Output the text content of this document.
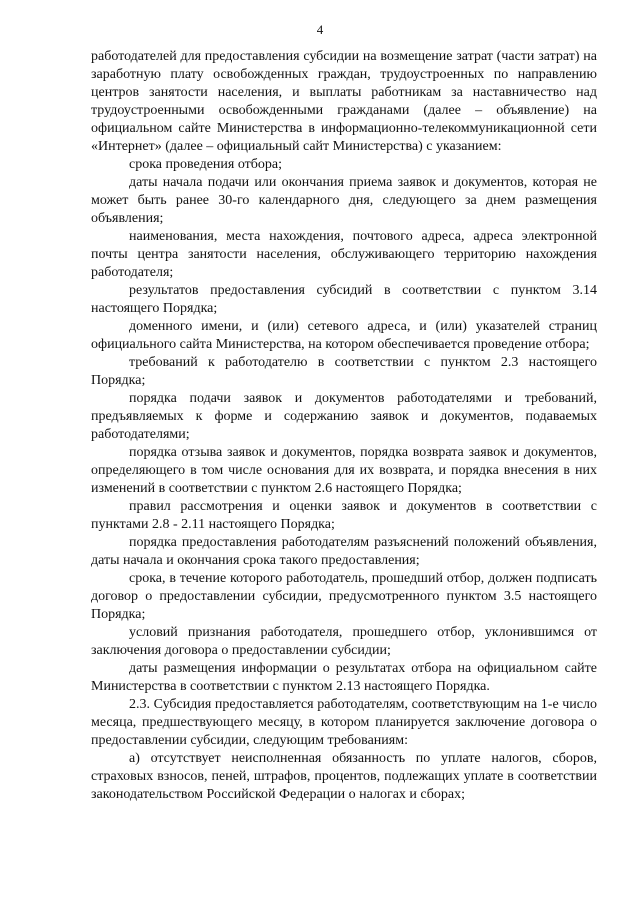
4

работодателей для предоставления субсидии на возмещение затрат (части затрат) на заработную плату освобожденных граждан, трудоустроенных по направлению центров занятости населения, и выплаты работникам за наставничество над трудоустроенными освобожденными гражданами (далее – объявление) на официальном сайте Министерства в информационно-телекоммуникационной сети «Интернет» (далее – официальный сайт Министерства) с указанием:

срока проведения отбора;

даты начала подачи или окончания приема заявок и документов, которая не может быть ранее 30-го календарного дня, следующего за днем размещения объявления;

наименования, места нахождения, почтового адреса, адреса электронной почты центра занятости населения, обслуживающего территорию нахождения работодателя;

результатов предоставления субсидий в соответствии с пунктом 3.14 настоящего Порядка;

доменного имени, и (или) сетевого адреса, и (или) указателей страниц официального сайта Министерства, на котором обеспечивается проведение отбора;

требований к работодателю в соответствии с пунктом 2.3 настоящего Порядка;

порядка подачи заявок и документов работодателями и требований, предъявляемых к форме и содержанию заявок и документов, подаваемых работодателями;

порядка отзыва заявок и документов, порядка возврата заявок и документов, определяющего в том числе основания для их возврата, и порядка внесения в них изменений в соответствии с пунктом 2.6 настоящего Порядка;

правил рассмотрения и оценки заявок и документов в соответствии с пунктами 2.8 - 2.11 настоящего Порядка;

порядка предоставления работодателям разъяснений положений объявления, даты начала и окончания срока такого предоставления;

срока, в течение которого работодатель, прошедший отбор, должен подписать договор о предоставлении субсидии, предусмотренного пунктом 3.5 настоящего Порядка;

условий признания работодателя, прошедшего отбор, уклонившимся от заключения договора о предоставлении субсидии;

даты размещения информации о результатах отбора на официальном сайте Министерства в соответствии с пунктом 2.13 настоящего Порядка.

2.3. Субсидия предоставляется работодателям, соответствующим на 1-е число месяца, предшествующего месяцу, в котором планируется заключение договора о предоставлении субсидии, следующим требованиям:

а) отсутствует неисполненная обязанность по уплате налогов, сборов, страховых взносов, пеней, штрафов, процентов, подлежащих уплате в соответствии законодательством Российской Федерации о налогах и сборах;
